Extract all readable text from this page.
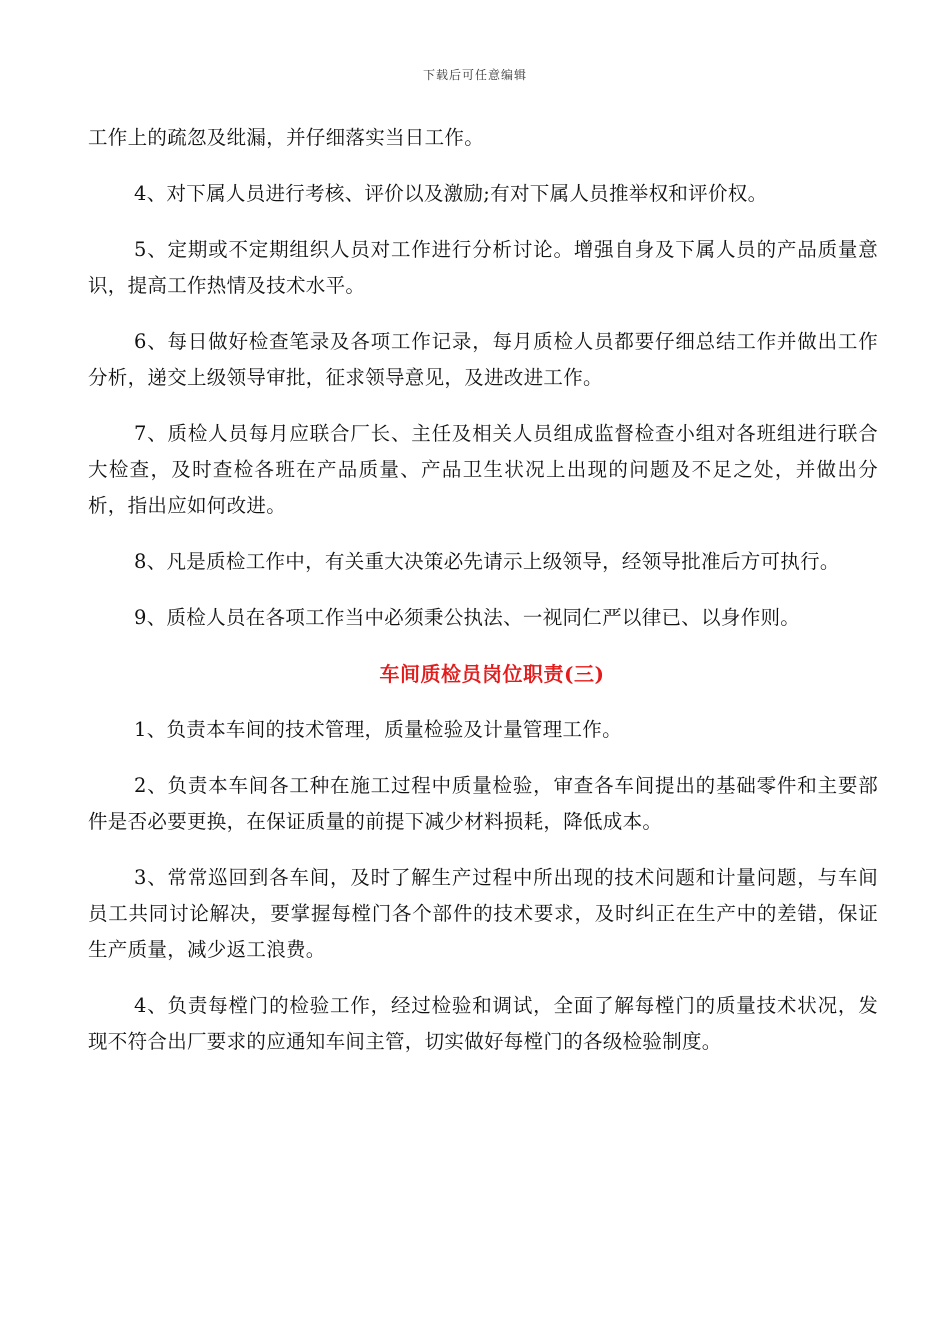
下载后可任意编辑

工作上的疏忽及纰漏，并仔细落实当日工作。

4、对下属人员进行考核、评价以及激励;有对下属人员推举权和评价权。

5、定期或不定期组织人员对工作进行分析讨论。增强自身及下属人员的产品质量意识，提高工作热情及技术水平。

6、每日做好检查笔录及各项工作记录，每月质检人员都要仔细总结工作并做出工作分析，递交上级领导审批，征求领导意见，及进改进工作。

7、质检人员每月应联合厂长、主任及相关人员组成监督检查小组对各班组进行联合大检查，及时查检各班在产品质量、产品卫生状况上出现的问题及不足之处，并做出分析，指出应如何改进。

8、凡是质检工作中，有关重大决策必先请示上级领导，经领导批准后方可执行。

9、质检人员在各项工作当中必须秉公执法、一视同仁严以律已、以身作则。

车间质检员岗位职责(三)

1、负责本车间的技术管理，质量检验及计量管理工作。

2、负责本车间各工种在施工过程中质量检验，审查各车间提出的基础零件和主要部件是否必要更换，在保证质量的前提下减少材料损耗，降低成本。

3、常常巡回到各车间，及时了解生产过程中所出现的技术问题和计量问题，与车间员工共同讨论解决，要掌握每樘门各个部件的技术要求，及时纠正在生产中的差错，保证生产质量，减少返工浪费。

4、负责每樘门的检验工作，经过检验和调试，全面了解每樘门的质量技术状况，发现不符合出厂要求的应通知车间主管，切实做好每樘门的各级检验制度。
